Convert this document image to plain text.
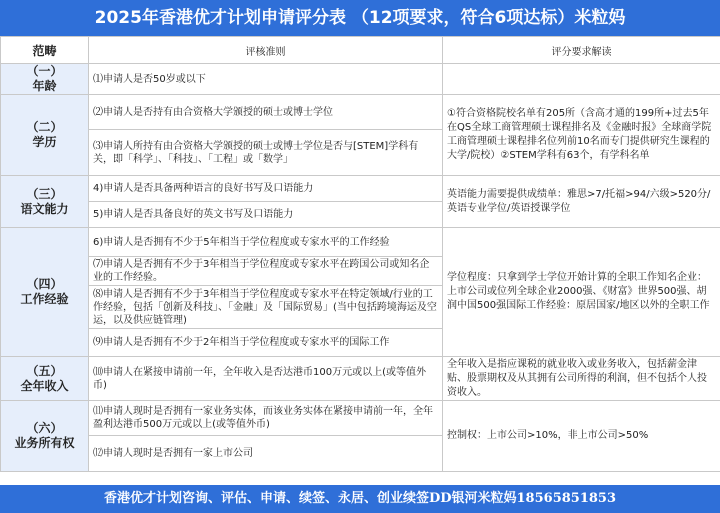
2025年香港优才计划申请评分表 （12项要求，符合6项达标）米粒妈
范畴	评核准则	评分要求解读

（一）
年龄	⑴申请人是否50岁或以下	

（二）
学历	⑵申请人是否持有由合资格大学颁授的硕士或博士学位	①符合资格院校名单有205所（含高才通的199所+过去5年在QS全球工商管理硕士课程排名及《金融时报》全球商学院工商管理硕士课程排名位列前10名而专门提供研究生课程的大学/院校）②STEM学科有63个，有学科名单
	⑶申请人所持有由合资格大学颁授的硕士或博士学位是否与[STEM]学科有关，即「科学」、「科技」、「工程」或「数学」	

（三）
语文能力	4)申请人是否具备两种语言的良好书写及口语能力	英语能力需要提供成绩单：雅思>7/托福>94/六级>520分/英语专业学位/英语授课学位
	5)申请人是否具备良好的英文书写及口语能力	

（四）
工作经验	6)申请人是否拥有不少于5年相当于学位程度或专家水平的工作经验	学位程度：只拿到学士学位开始计算的全职工作知名企业：上市公司或位列全球企业2000强、《财富》世界500强、胡润中国500强国际工作经验：原居国家/地区以外的全职工作
	⑺申请人是否拥有不少于3年相当于学位程度或专家水平在跨国公司或知名企业的工作经验。	
	⑻申请人是否拥有不少于3年相当于学位程度或专家水平在特定领域/行业的工作经验，包括「创新及科技」、「金融」及「国际贸易」(当中包括跨境海运及空运，以及供应链管理)	
	⑼申请人是否拥有不少于2年相当于学位程度或专家水平的国际工作	

（五）
全年收入	⑽申请人在紧接申请前一年，全年收入是否达港币100万元或以上(或等值外币)	全年收入是指应课税的就业收入或业务收入，包括薪金津贴、股票期权及从其拥有公司所得的利润，但不包括个人投资收入。

（六）
业务所有权	⑾申请人现时是否拥有一家业务实体，而该业务实体在紧接申请前一年，全年盈利达港币500万元或以上(或等值外币)	控制权：上市公司>10%，非上市公司>50%
	⑿申请人现时是否拥有一家上市公司	
香港优才计划咨询、评估、申请、续签、永居、创业续签DD银河米粒妈18565851853
